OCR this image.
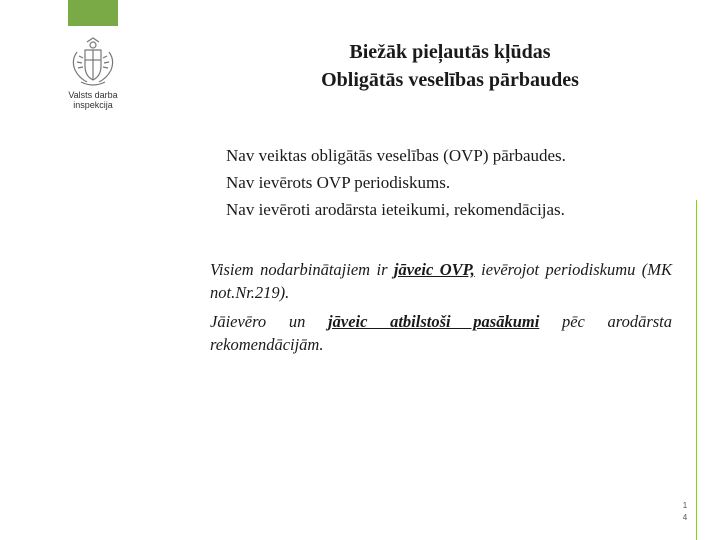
Valsts darba
inspekcija
Biežāk pieļautās kļūdas
Obligātās veselības pārbaudes
Nav veiktas obligātās veselības (OVP) pārbaudes.
Nav ievērots OVP periodiskums.
Nav ievēroti arodārsta ieteikumi, rekomendācijas.

Visiem nodarbinātajiem ir jāveic OVP, ievērojot periodiskumu (MK not.Nr.219).

Jāievēro un jāveic atbilstoši pasākumi pēc arodārsta rekomendācijām.

1
4
